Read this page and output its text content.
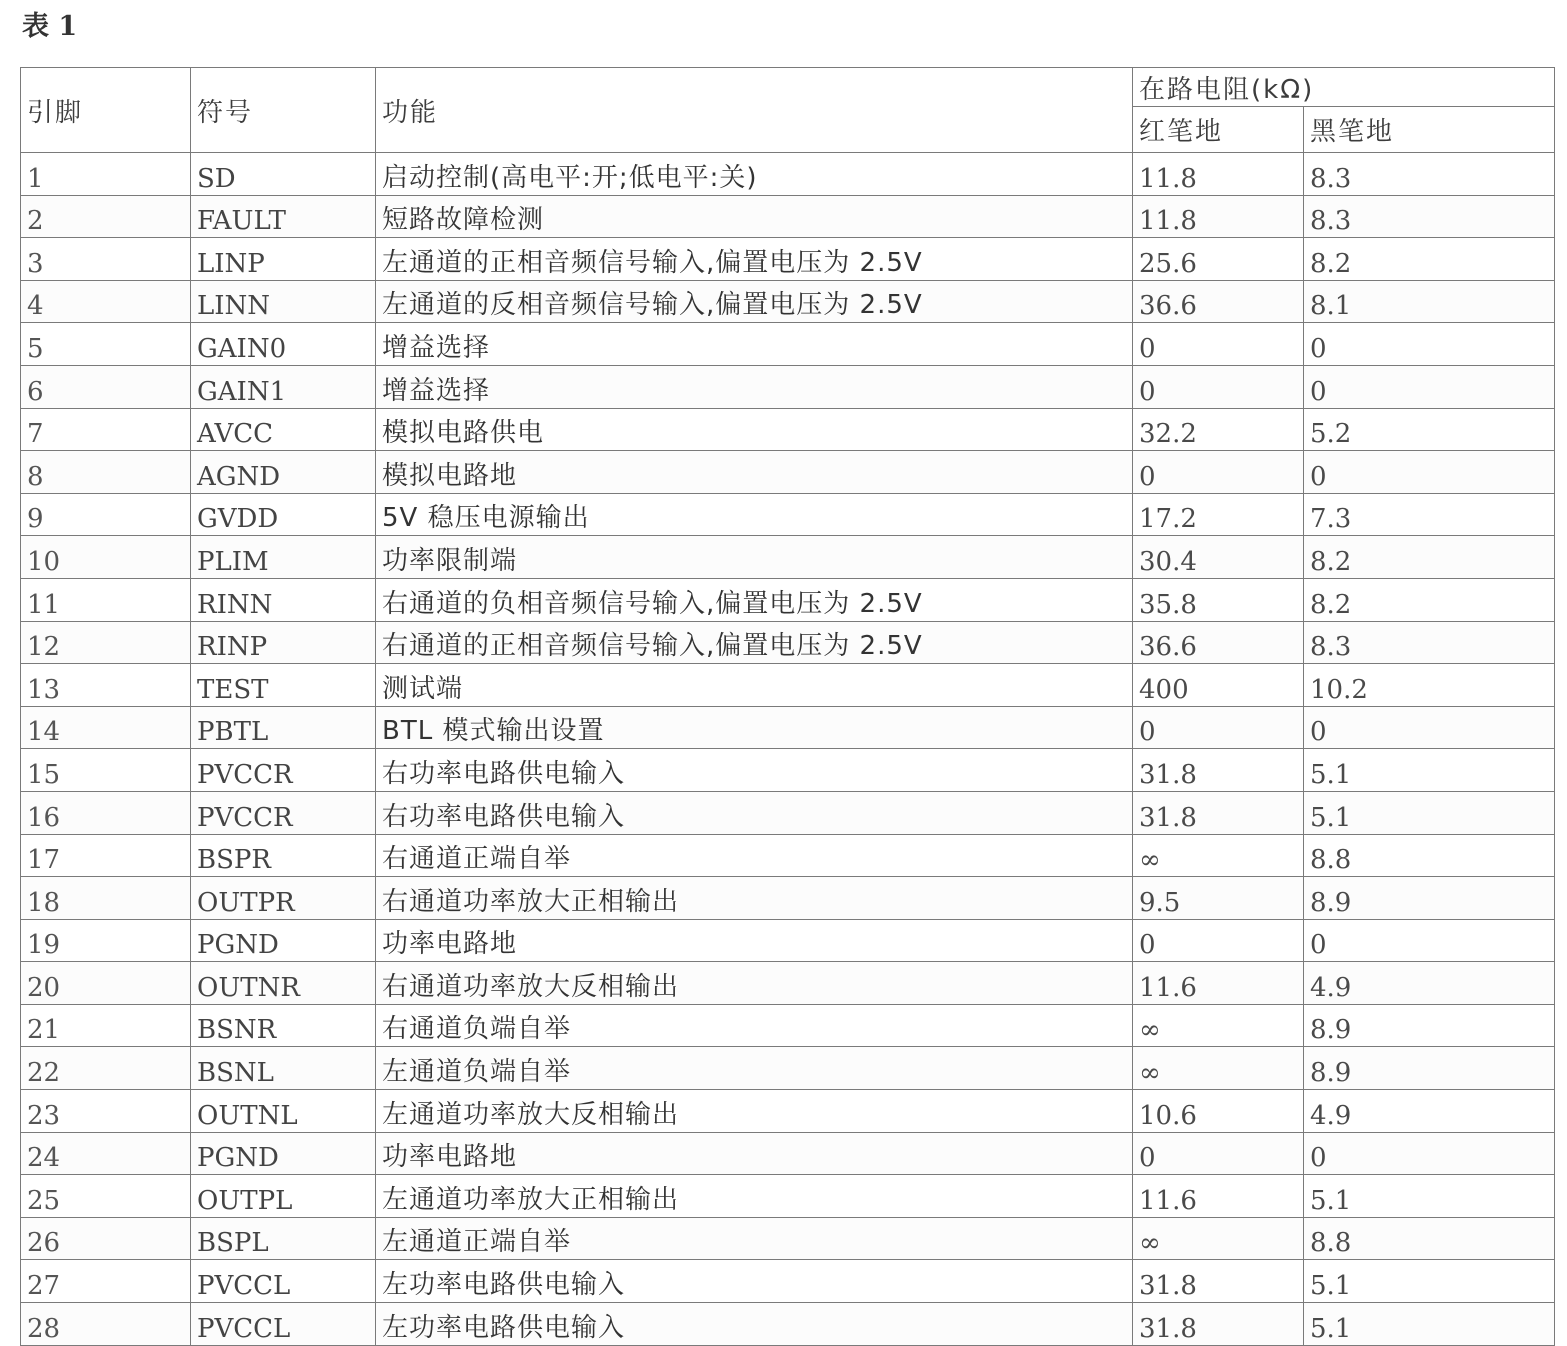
表 1
引脚	符号	功能	在路电阻(kΩ)	
			红笔地	黑笔地
1	SD	启动控制(高电平:开;低电平:关)	11.8	8.3
2	FAULT	短路故障检测	11.8	8.3
3	LINP	左通道的正相音频信号输入,偏置电压为 2.5V	25.6	8.2
4	LINN	左通道的反相音频信号输入,偏置电压为 2.5V	36.6	8.1
5	GAIN0	增益选择	0	0
6	GAIN1	增益选择	0	0
7	AVCC	模拟电路供电	32.2	5.2
8	AGND	模拟电路地	0	0
9	GVDD	5V 稳压电源输出	17.2	7.3
10	PLIM	功率限制端	30.4	8.2
11	RINN	右通道的负相音频信号输入,偏置电压为 2.5V	35.8	8.2
12	RINP	右通道的正相音频信号输入,偏置电压为 2.5V	36.6	8.3
13	TEST	测试端	400	10.2
14	PBTL	BTL 模式输出设置	0	0
15	PVCCR	右功率电路供电输入	31.8	5.1
16	PVCCR	右功率电路供电输入	31.8	5.1
17	BSPR	右通道正端自举	∞	8.8
18	OUTPR	右通道功率放大正相输出	9.5	8.9
19	PGND	功率电路地	0	0
20	OUTNR	右通道功率放大反相输出	11.6	4.9
21	BSNR	右通道负端自举	∞	8.9
22	BSNL	左通道负端自举	∞	8.9
23	OUTNL	左通道功率放大反相输出	10.6	4.9
24	PGND	功率电路地	0	0
25	OUTPL	左通道功率放大正相输出	11.6	5.1
26	BSPL	左通道正端自举	∞	8.8
27	PVCCL	左功率电路供电输入	31.8	5.1
28	PVCCL	左功率电路供电输入	31.8	5.1
